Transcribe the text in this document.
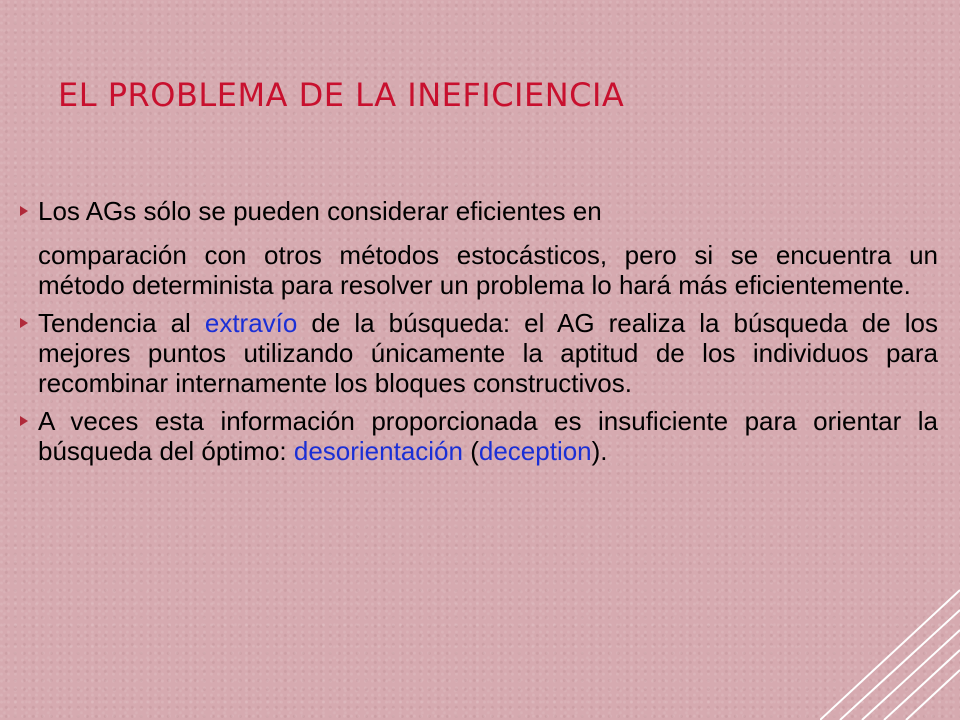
EL PROBLEMA DE LA INEFICIENCIA
Los AGs sólo se pueden considerar eficientes en
comparación con otros métodos estocásticos, pero si se encuentra un método determinista para resolver un problema lo hará más eficientemente.
Tendencia al extravío de la búsqueda: el AG realiza la búsqueda de los mejores puntos utilizando únicamente la aptitud de los individuos para recombinar internamente los bloques constructivos.
A veces esta información proporcionada es insuficiente para orientar la búsqueda del óptimo: desorientación (deception).
